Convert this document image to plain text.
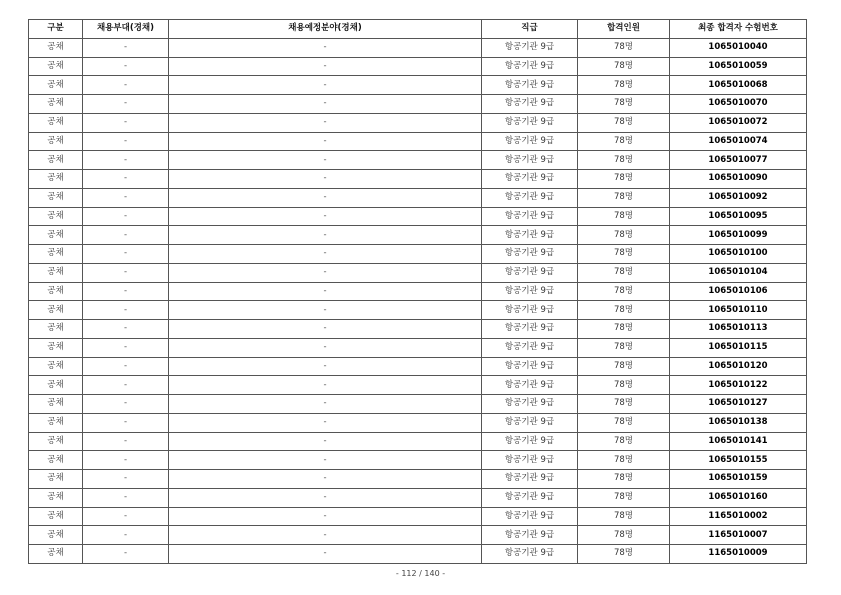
구분	채용부대(경채)	채용예정분야(경채)	직급	합격인원	최종 합격자 수험번호
공채	-	-	항공기관 9급	78명	1065010040
공채	-	-	항공기관 9급	78명	1065010059
공채	-	-	항공기관 9급	78명	1065010068
공채	-	-	항공기관 9급	78명	1065010070
공채	-	-	항공기관 9급	78명	1065010072
공채	-	-	항공기관 9급	78명	1065010074
공채	-	-	항공기관 9급	78명	1065010077
공채	-	-	항공기관 9급	78명	1065010090
공채	-	-	항공기관 9급	78명	1065010092
공채	-	-	항공기관 9급	78명	1065010095
공채	-	-	항공기관 9급	78명	1065010099
공채	-	-	항공기관 9급	78명	1065010100
공채	-	-	항공기관 9급	78명	1065010104
공채	-	-	항공기관 9급	78명	1065010106
공채	-	-	항공기관 9급	78명	1065010110
공채	-	-	항공기관 9급	78명	1065010113
공채	-	-	항공기관 9급	78명	1065010115
공채	-	-	항공기관 9급	78명	1065010120
공채	-	-	항공기관 9급	78명	1065010122
공채	-	-	항공기관 9급	78명	1065010127
공채	-	-	항공기관 9급	78명	1065010138
공채	-	-	항공기관 9급	78명	1065010141
공채	-	-	항공기관 9급	78명	1065010155
공채	-	-	항공기관 9급	78명	1065010159
공채	-	-	항공기관 9급	78명	1065010160
공채	-	-	항공기관 9급	78명	1165010002
공채	-	-	항공기관 9급	78명	1165010007
공채	-	-	항공기관 9급	78명	1165010009
- 112 / 140 -
